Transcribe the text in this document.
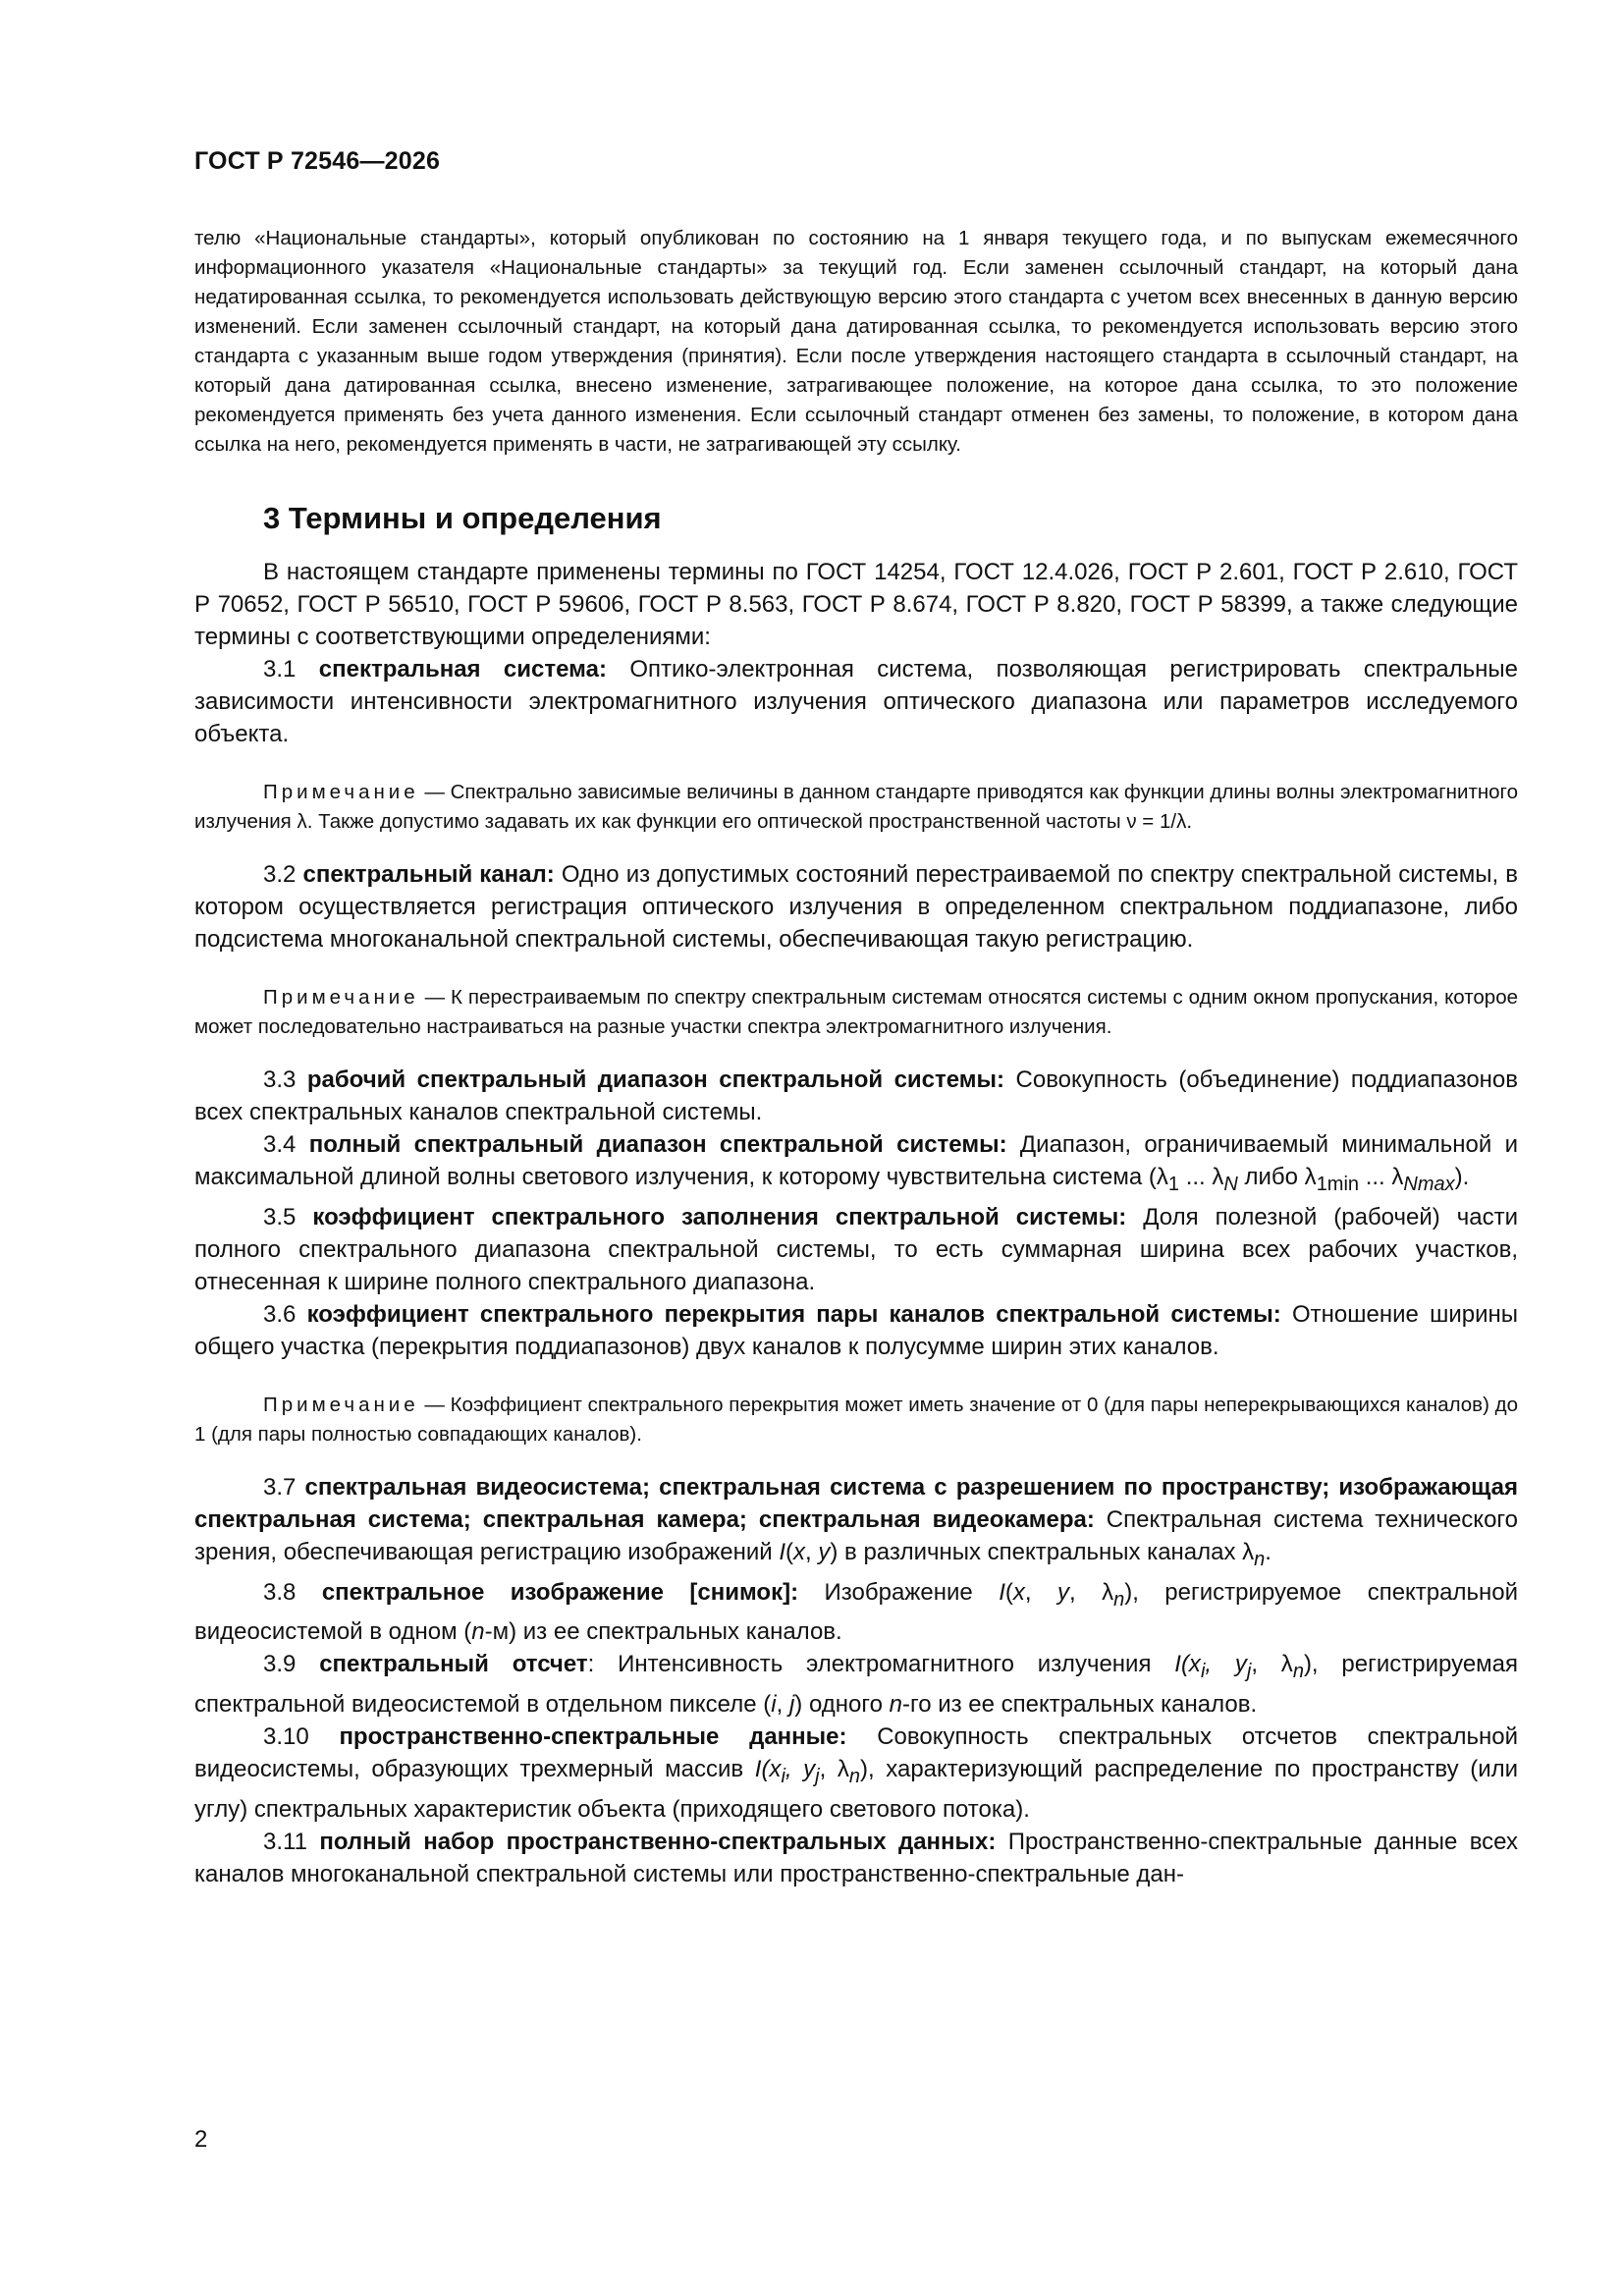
ГОСТ Р 72546—2026

телю «Национальные стандарты», который опубликован по состоянию на 1 января текущего года, и по выпускам ежемесячного информационного указателя «Национальные стандарты» за текущий год. Если заменен ссылочный стандарт, на который дана недатированная ссылка, то рекомендуется использовать действующую версию этого стандарта с учетом всех внесенных в данную версию изменений. Если заменен ссылочный стандарт, на который дана датированная ссылка, то рекомендуется использовать версию этого стандарта с указанным выше годом утверждения (принятия). Если после утверждения настоящего стандарта в ссылочный стандарт, на который дана датированная ссылка, внесено изменение, затрагивающее положение, на которое дана ссылка, то это положение рекомендуется применять без учета данного изменения. Если ссылочный стандарт отменен без замены, то положение, в котором дана ссылка на него, рекомендуется применять в части, не затрагивающей эту ссылку.

3 Термины и определения

В настоящем стандарте применены термины по ГОСТ 14254, ГОСТ 12.4.026, ГОСТ Р 2.601, ГОСТ Р 2.610, ГОСТ Р 70652, ГОСТ Р 56510, ГОСТ Р 59606, ГОСТ Р 8.563, ГОСТ Р 8.674, ГОСТ Р 8.820, ГОСТ Р 58399, а также следующие термины с соответствующими определениями:

3.1 спектральная система: Оптико-электронная система, позволяющая регистрировать спектральные зависимости интенсивности электромагнитного излучения оптического диапазона или параметров исследуемого объекта.

Примечание — Спектрально зависимые величины в данном стандарте приводятся как функции длины волны электромагнитного излучения λ. Также допустимо задавать их как функции его оптической пространственной частоты ν = 1/λ.

3.2 спектральный канал: Одно из допустимых состояний перестраиваемой по спектру спектральной системы, в котором осуществляется регистрация оптического излучения в определенном спектральном поддиапазоне, либо подсистема многоканальной спектральной системы, обеспечивающая такую регистрацию.

Примечание — К перестраиваемым по спектру спектральным системам относятся системы с одним окном пропускания, которое может последовательно настраиваться на разные участки спектра электромагнитного излучения.

3.3 рабочий спектральный диапазон спектральной системы: Совокупность (объединение) поддиапазонов всех спектральных каналов спектральной системы.

3.4 полный спектральный диапазон спектральной системы: Диапазон, ограничиваемый минимальной и максимальной длиной волны светового излучения, к которому чувствительна система ($\lambda_1$ ... $\lambda_N$ либо $\lambda_{1min}$ ... $\lambda_{Nmax}$).

3.5 коэффициент спектрального заполнения спектральной системы: Доля полезной (рабочей) части полного спектрального диапазона спектральной системы, то есть суммарная ширина всех рабочих участков, отнесенная к ширине полного спектрального диапазона.

3.6 коэффициент спектрального перекрытия пары каналов спектральной системы: Отношение ширины общего участка (перекрытия поддиапазонов) двух каналов к полусумме ширин этих каналов.

Примечание — Коэффициент спектрального перекрытия может иметь значение от 0 (для пары неперекрывающихся каналов) до 1 (для пары полностью совпадающих каналов).

3.7 спектральная видеосистема; спектральная система с разрешением по пространству; изображающая спектральная система; спектральная камера; спектральная видеокамера: Спектральная система технического зрения, обеспечивающая регистрацию изображений I(x, y) в различных спектральных каналах $\lambda_n$.

3.8 спектральное изображение [снимок]: Изображение I(x, y, $\lambda_n$), регистрируемое спектральной видеосистемой в одном (n-м) из ее спектральных каналов.

3.9 спектральный отсчет: Интенсивность электромагнитного излучения $I(x_i$, $y_j$, $\lambda_n$), регистрируемая спектральной видеосистемой в отдельном пикселе (i, j) одного n-го из ее спектральных каналов.

3.10 пространственно-спектральные данные: Совокупность спектральных отсчетов спектральной видеосистемы, образующих трехмерный массив $I(x_i$, $y_j$, $\lambda_n$), характеризующий распределение по пространству (или углу) спектральных характеристик объекта (приходящего светового потока).

3.11 полный набор пространственно-спектральных данных: Пространственно-спектральные данные всех каналов многоканальной спектральной системы или пространственно-спектральные дан-

2
